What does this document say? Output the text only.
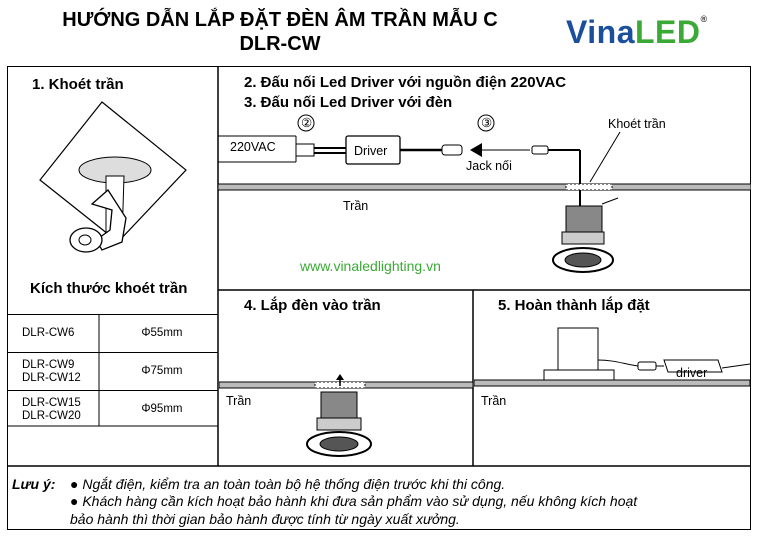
HƯỚNG DẪN LẮP ĐẶT ĐÈN ÂM TRẦN MẪU C
DLR-CW	VinaLED®
1. Khoét trần
Kích thước khoét trần
DLR-CW6	Φ55mm

DLR-CW9
DLR-CW12	Φ75mm

DLR-CW15
DLR-CW20	Φ95mm
2. Đấu nối Led Driver với nguồn điện 220VAC
3. Đấu nối Led Driver với đèn
220VAC	Driver
②	③
Jack nối
Khoét trần
Trần
www.vinaledlighting.vn
4. Lắp đèn vào trần
Trần
5. Hoàn thành lắp đặt
driver
Trần
Lưu ý: ● Ngắt điện, kiểm tra an toàn toàn bộ hệ thống điện trước khi thi công.
● Khách hàng cần kích hoạt bảo hành khi đưa sản phẩm vào sử dụng, nếu không kích hoạt
bảo hành thì thời gian bảo hành được tính từ ngày xuất xưởng.
